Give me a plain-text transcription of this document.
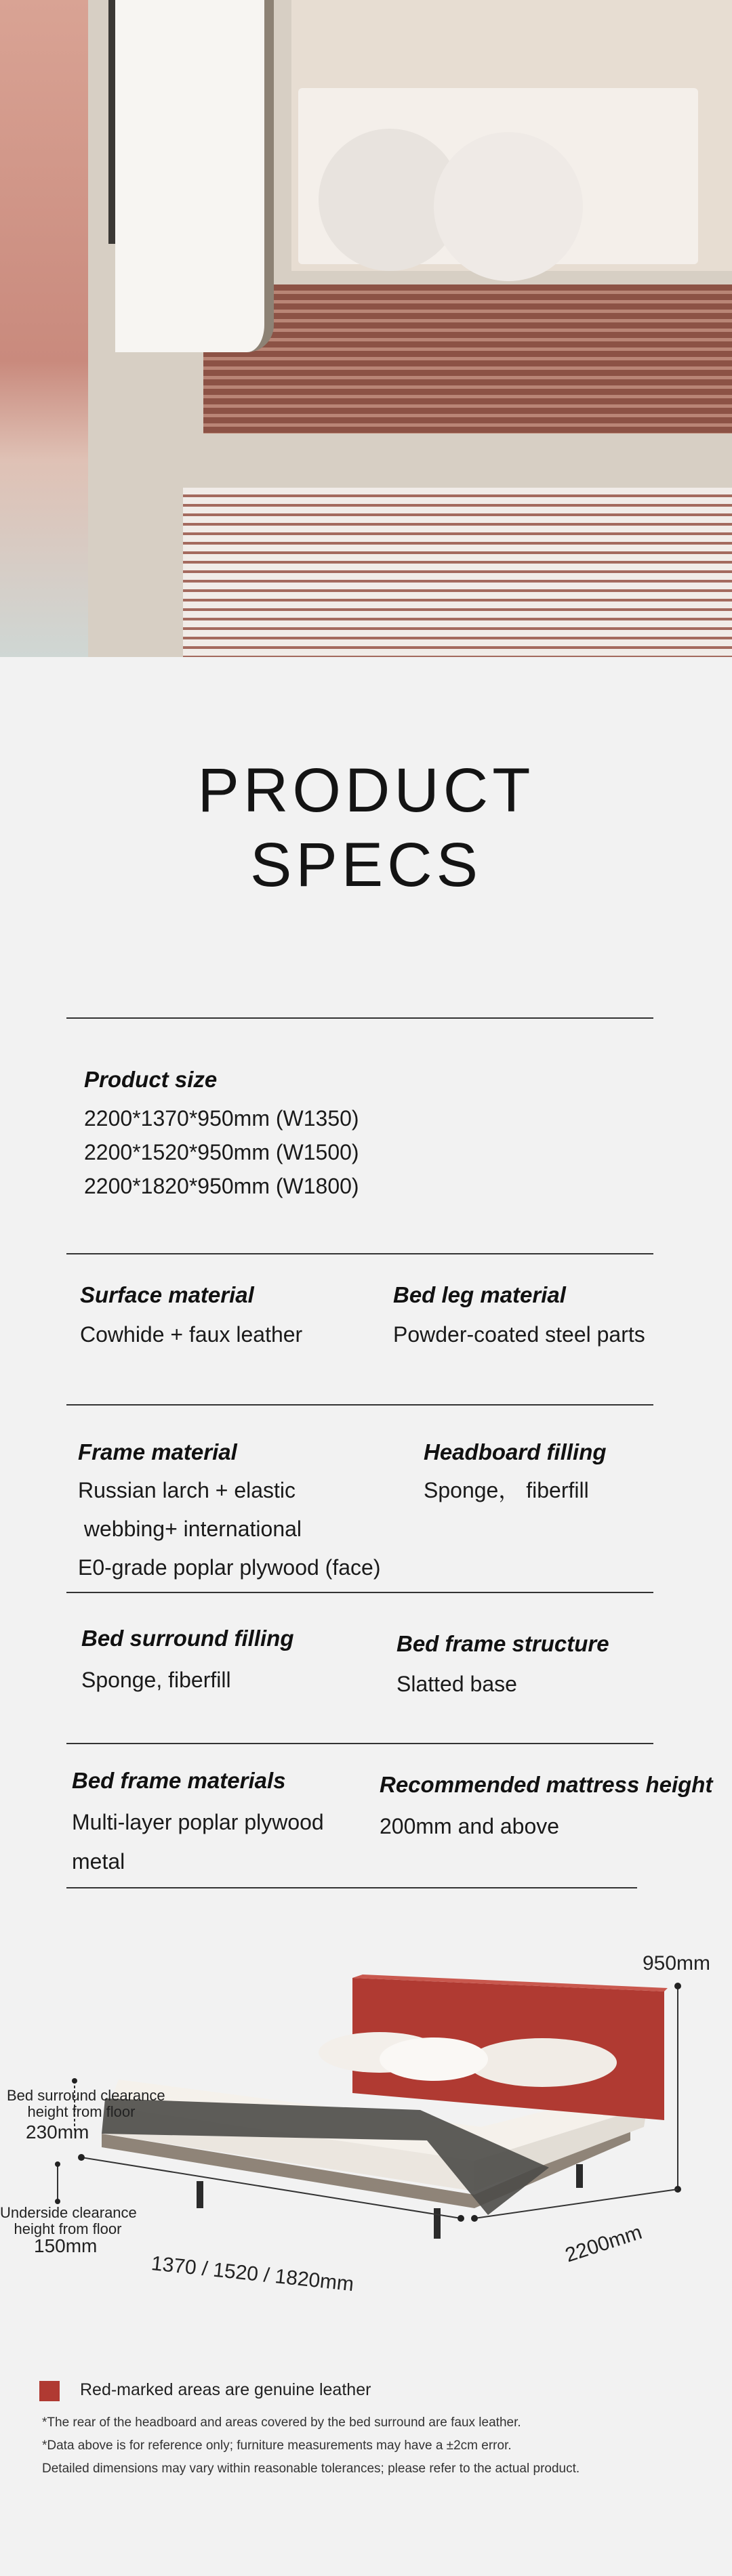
PRODUCT
SPECS
Product size
2200*1370*950mm (W1350)
2200*1520*950mm (W1500)
2200*1820*950mm (W1800)
Surface material
Cowhide + faux leather
Bed leg material
Powder-coated steel parts
Frame material
Russian larch + elastic
webbing+ international
E0-grade poplar plywood (face)
Headboard filling
Sponge， fiberfill
Bed surround filling
Sponge, fiberfill
Bed frame structure
Slatted base
Bed frame materials
Multi-layer poplar plywood
metal
Recommended mattress height
200mm and above
950mm
1370 / 1520 / 1820mm
2200mm
Bed surround clearance
height from floor
230mm
Underside clearance
height from floor
150mm
Red-marked areas are genuine leather
*The rear of the headboard and areas covered by the bed surround are faux leather.
*Data above is for reference only; furniture measurements may have a ±2cm error.
Detailed dimensions may vary within reasonable tolerances; please refer to the actual product.
